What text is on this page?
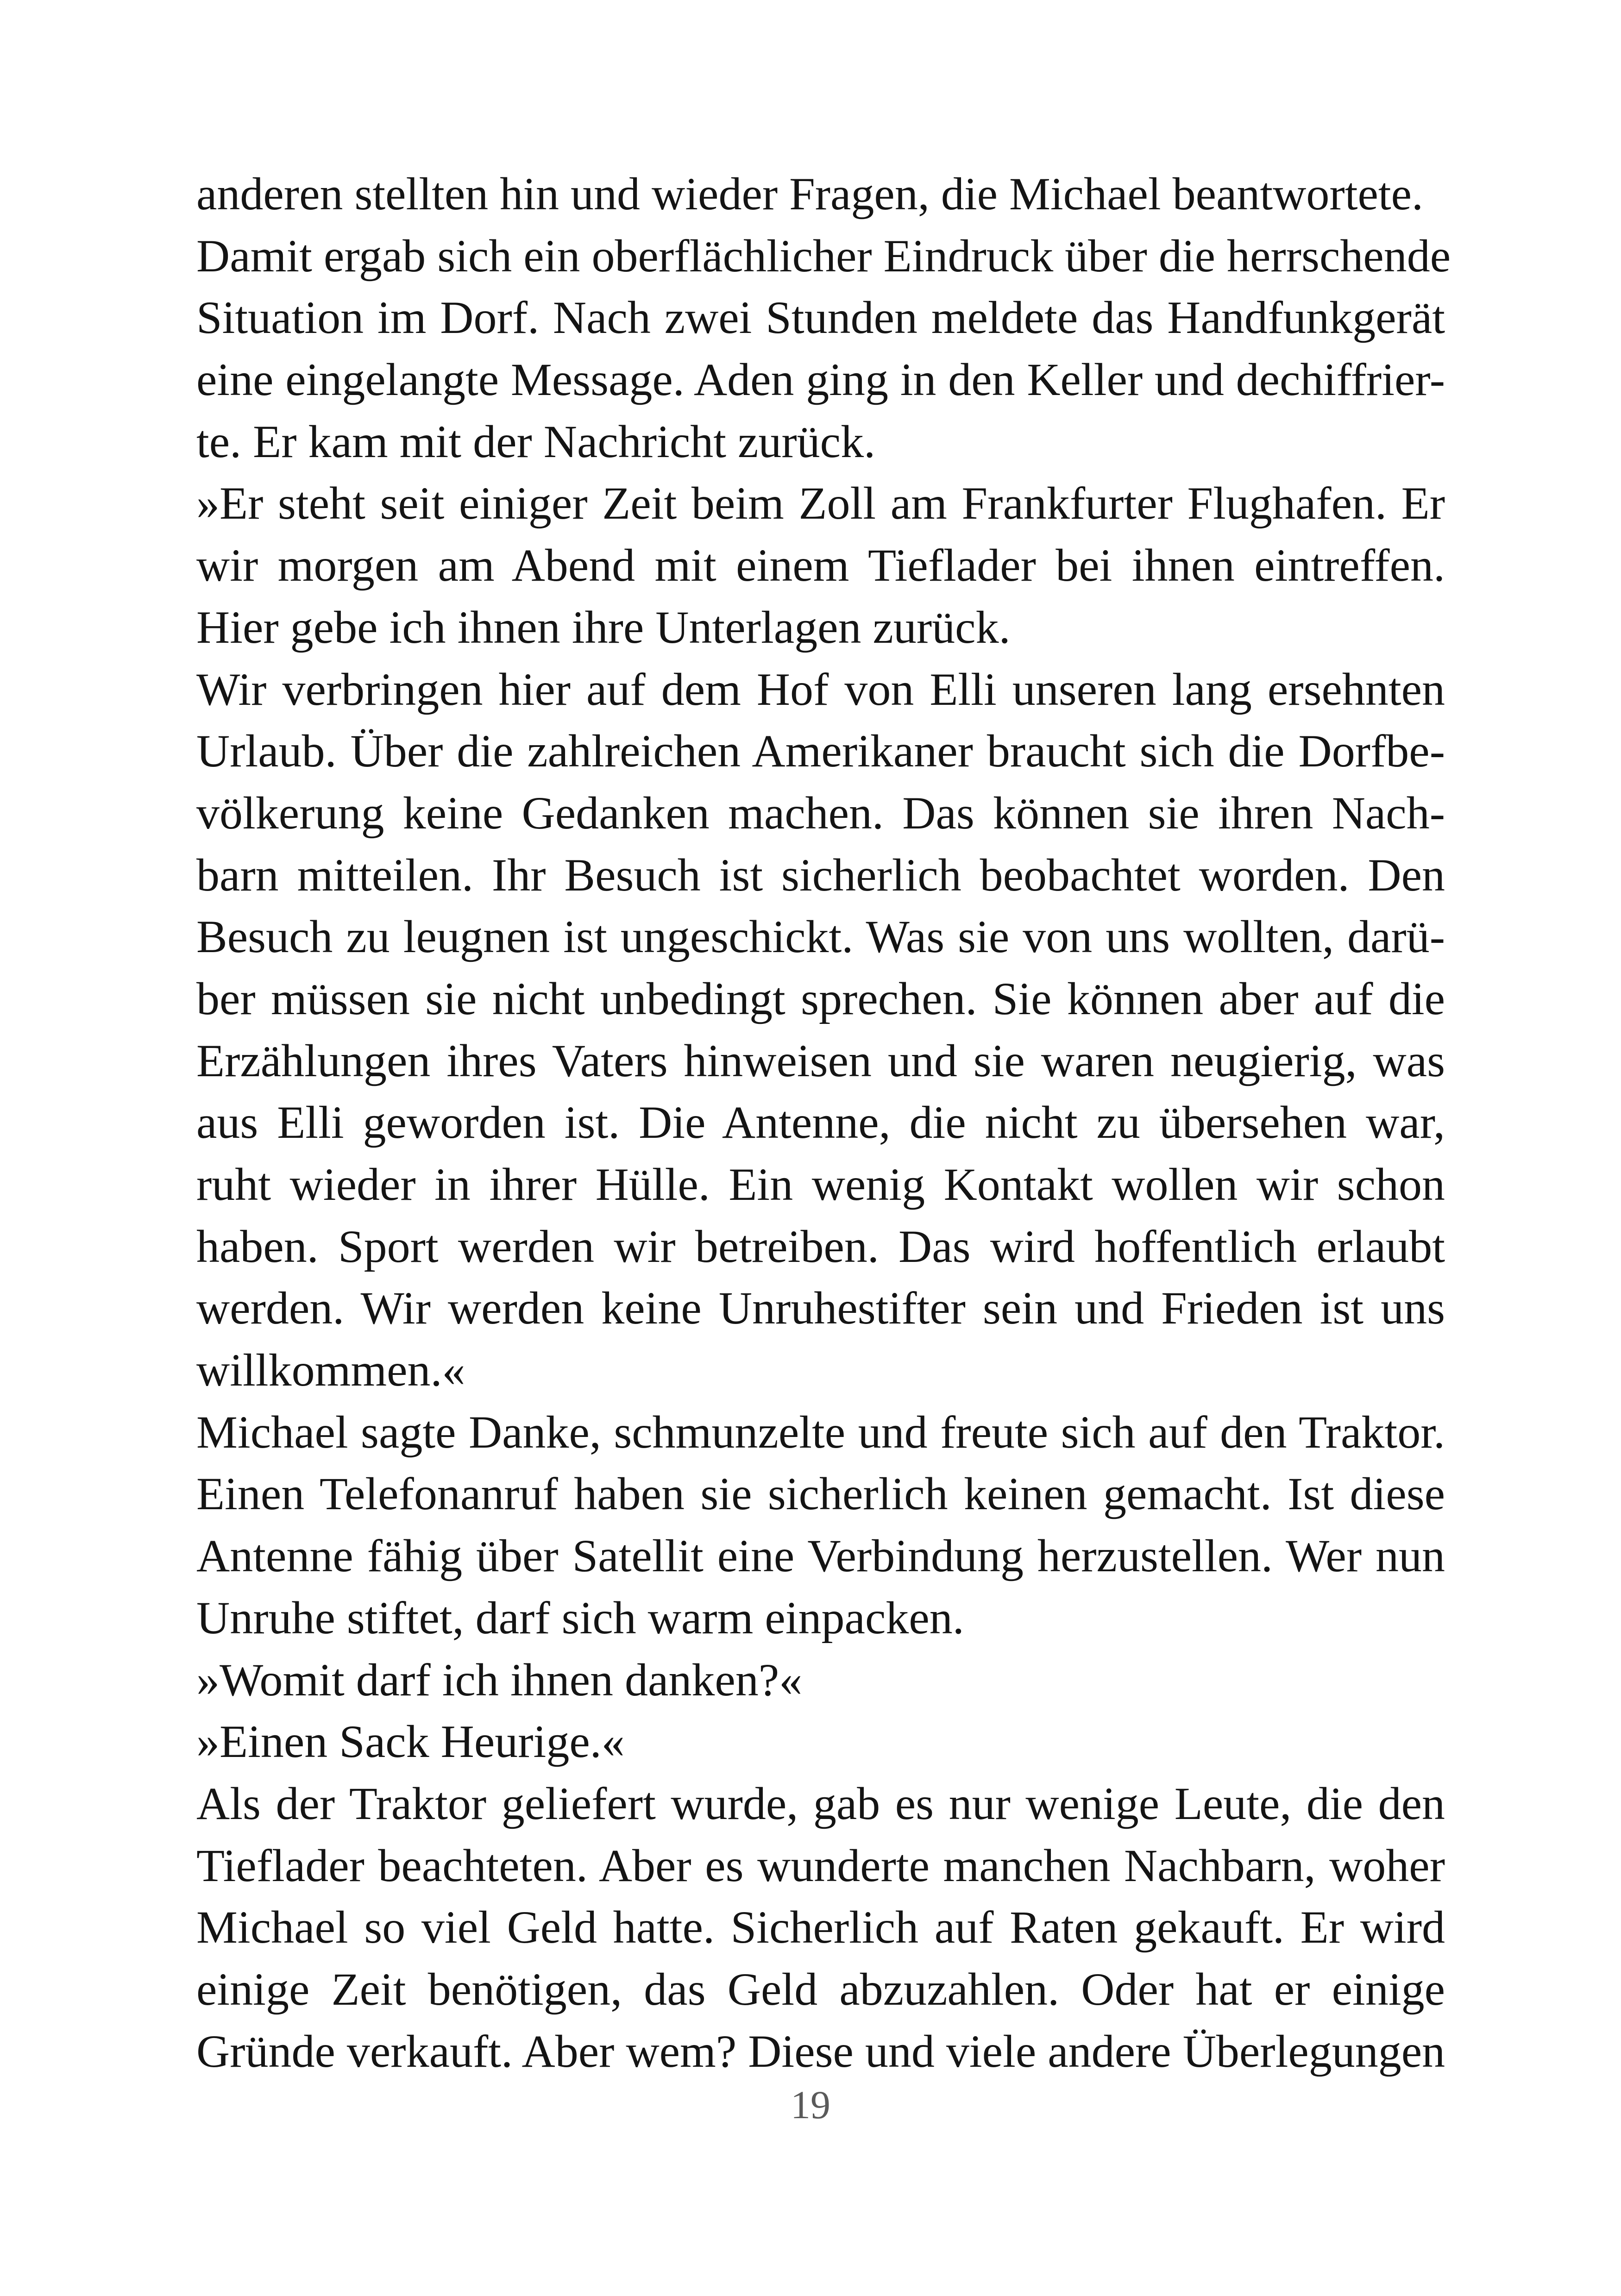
anderen stellten hin und wieder Fragen, die Michael beantwortete.
Damit ergab sich ein oberflächlicher Eindruck über die herrschende
Situation im Dorf. Nach zwei Stunden meldete das Handfunkgerät
eine eingelangte Message. Aden ging in den Keller und dechiffrier-
te. Er kam mit der Nachricht zurück.
»Er steht seit einiger Zeit beim Zoll am Frankfurter Flughafen. Er
wir morgen am Abend mit einem Tieflader bei ihnen eintreffen.
Hier gebe ich ihnen ihre Unterlagen zurück.
Wir verbringen hier auf dem Hof von Elli unseren lang ersehnten
Urlaub. Über die zahlreichen Amerikaner braucht sich die Dorfbe-
völkerung keine Gedanken machen. Das können sie ihren Nach-
barn mitteilen. Ihr Besuch ist sicherlich beobachtet worden. Den
Besuch zu leugnen ist ungeschickt. Was sie von uns wollten, darü-
ber müssen sie nicht unbedingt sprechen. Sie können aber auf die
Erzählungen ihres Vaters hinweisen und sie waren neugierig, was
aus Elli geworden ist. Die Antenne, die nicht zu übersehen war,
ruht wieder in ihrer Hülle. Ein wenig Kontakt wollen wir schon
haben. Sport werden wir betreiben. Das wird hoffentlich erlaubt
werden. Wir werden keine Unruhestifter sein und Frieden ist uns
willkommen.«
Michael sagte Danke, schmunzelte und freute sich auf den Traktor.
Einen Telefonanruf haben sie sicherlich keinen gemacht. Ist diese
Antenne fähig über Satellit eine Verbindung herzustellen. Wer nun
Unruhe stiftet, darf sich warm einpacken.
»Womit darf ich ihnen danken?«
»Einen Sack Heurige.«
Als der Traktor geliefert wurde, gab es nur wenige Leute, die den
Tieflader beachteten. Aber es wunderte manchen Nachbarn, woher
Michael so viel Geld hatte. Sicherlich auf Raten gekauft. Er wird
einige Zeit benötigen, das Geld abzuzahlen. Oder hat er einige
Gründe verkauft. Aber wem? Diese und viele andere Überlegungen
19
